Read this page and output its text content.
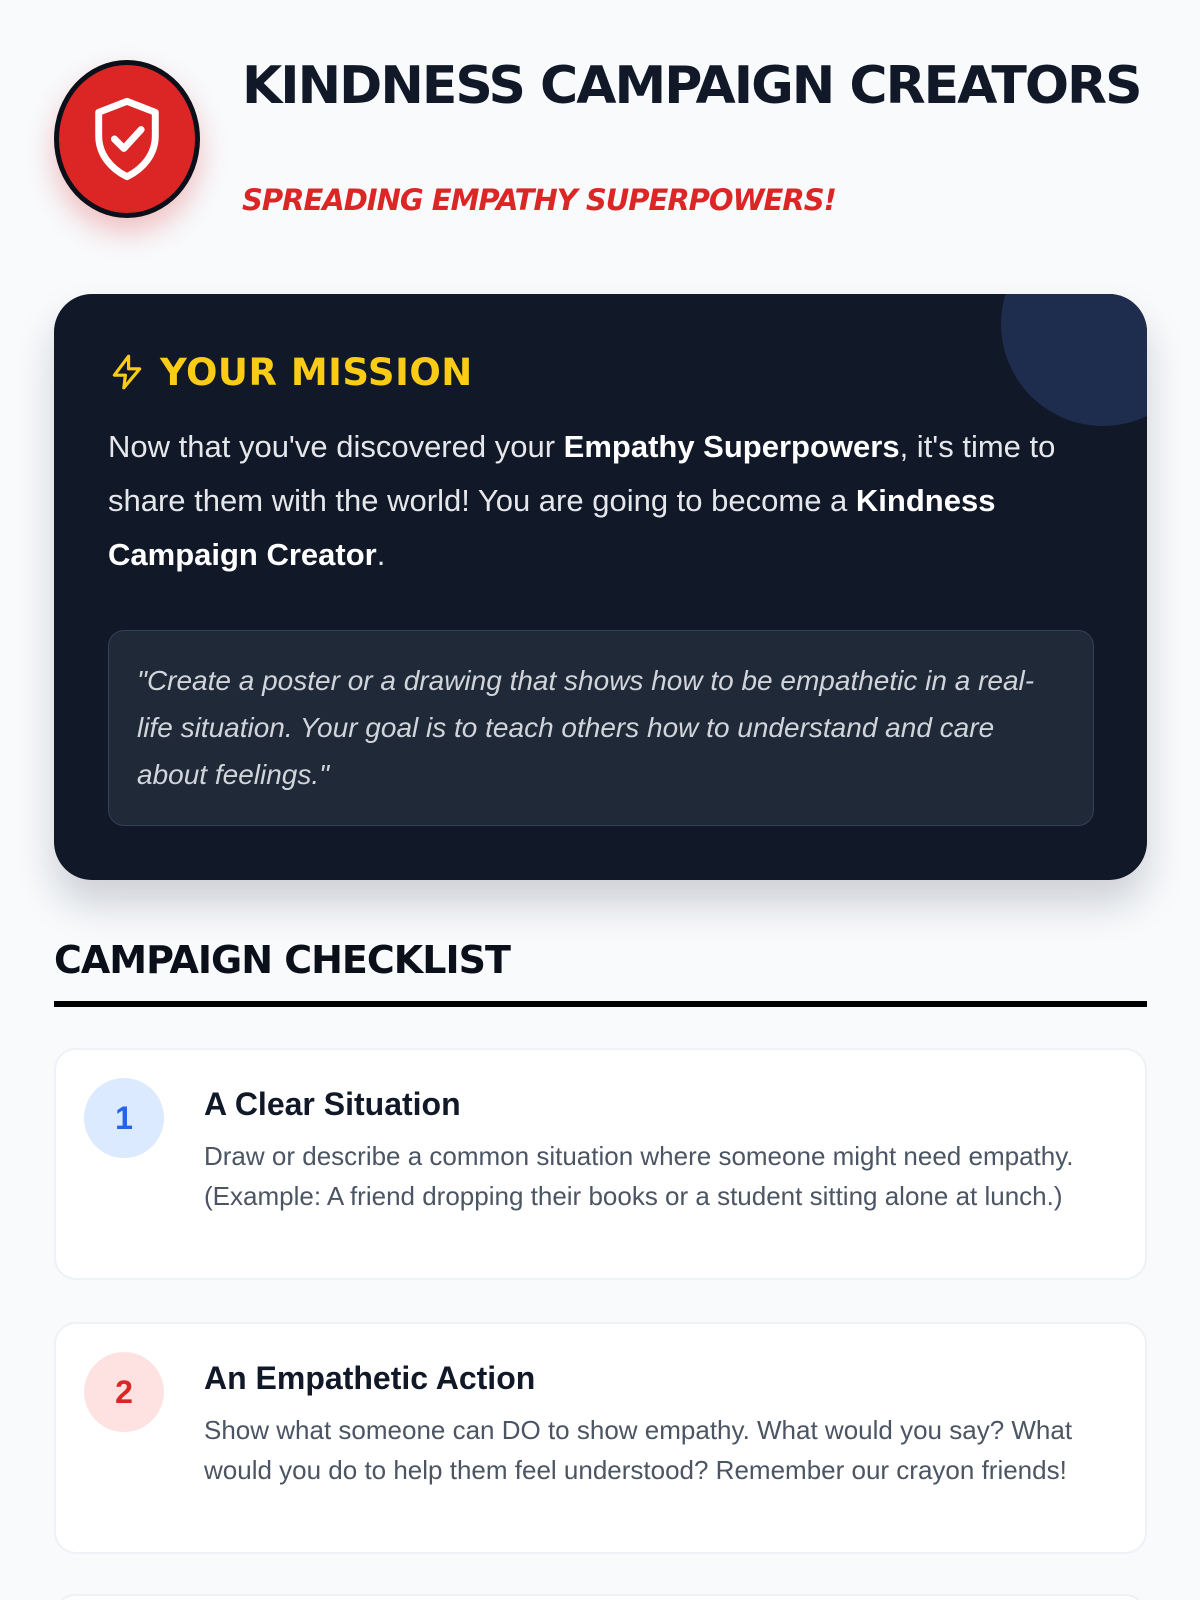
KINDNESS CAMPAIGN CREATORS

SPREADING EMPATHY SUPERPOWERS!

YOUR MISSION

Now that you've discovered your Empathy Superpowers, it's time to share them with the world! You are going to become a Kindness Campaign Creator.

"Create a poster or a drawing that shows how to be empathetic in a real-life situation. Your goal is to teach others how to understand and care about feelings."

CAMPAIGN CHECKLIST
1	A Clear Situation

Draw or describe a common situation where someone might need empathy. (Example: A friend dropping their books or a student sitting alone at lunch.)

2	An Empathetic Action

Show what someone can DO to show empathy. What would you say? What would you do to help them feel understood? Remember our crayon friends!
